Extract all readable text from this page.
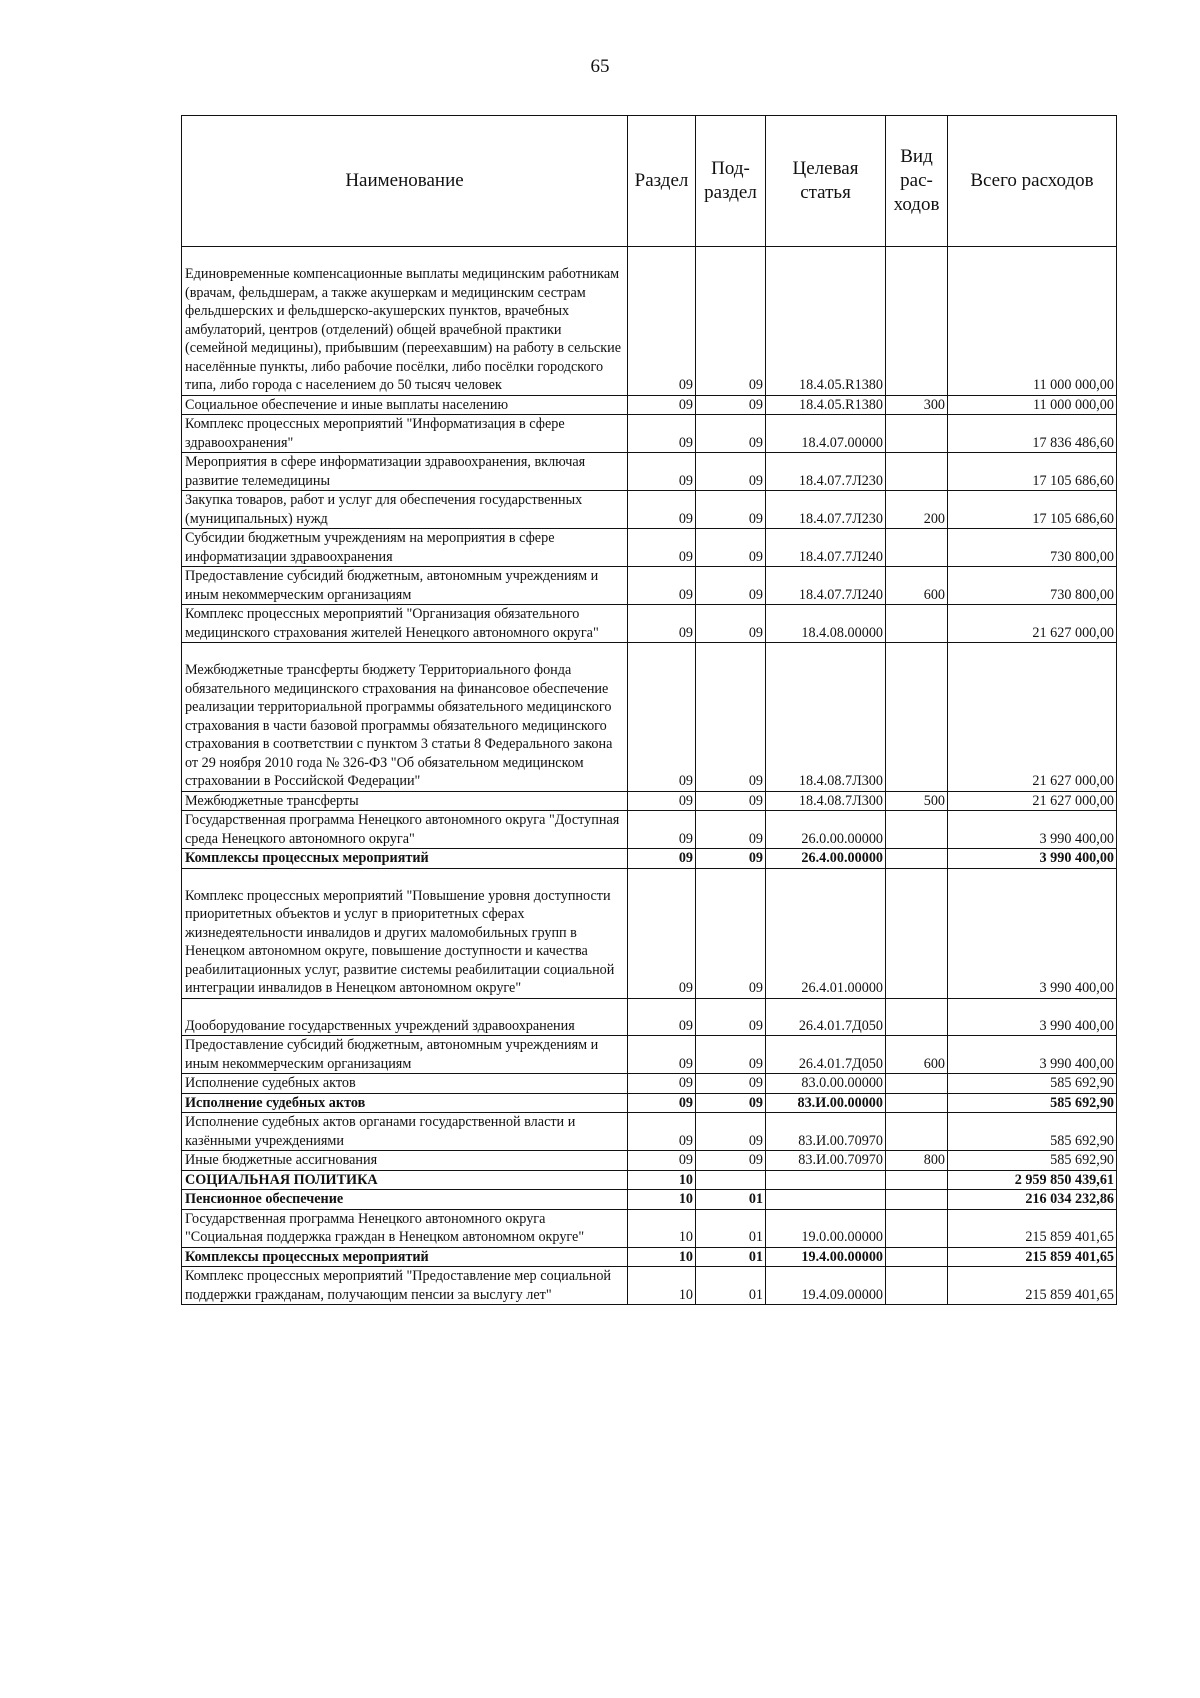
65
Наименование	Раздел	Под-раздел	Целевая статья	Вид рас-ходов	Всего расходов
Единовременные компенсационные выплаты медицинским работникам (врачам, фельдшерам, а также акушеркам и медицинским сестрам фельдшерских и фельдшерско-акушерских пунктов, врачебных амбулаторий, центров (отделений) общей врачебной практики (семейной медицины), прибывшим (переехавшим) на работу в сельские населённые пункты, либо рабочие посёлки, либо посёлки городского типа, либо города с населением до 50 тысяч человек	09	09	18.4.05.R1380		11 000 000,00
Социальное обеспечение и иные выплаты населению	09	09	18.4.05.R1380	300	11 000 000,00
Комплекс процессных мероприятий "Информатизация в сфере здравоохранения"	09	09	18.4.07.00000		17 836 486,60
Мероприятия в сфере информатизации здравоохранения, включая развитие телемедицины	09	09	18.4.07.7Л230		17 105 686,60
Закупка товаров, работ и услуг для обеспечения государственных (муниципальных) нужд	09	09	18.4.07.7Л230	200	17 105 686,60
Субсидии бюджетным учреждениям на мероприятия в сфере информатизации здравоохранения	09	09	18.4.07.7Л240		730 800,00
Предоставление субсидий бюджетным, автономным учреждениям и иным некоммерческим организациям	09	09	18.4.07.7Л240	600	730 800,00
Комплекс процессных мероприятий "Организация обязательного медицинского страхования жителей Ненецкого автономного округа"	09	09	18.4.08.00000		21 627 000,00
Межбюджетные трансферты бюджету Территориального фонда обязательного медицинского страхования на финансовое обеспечение реализации территориальной программы обязательного медицинского страхования в части базовой программы обязательного медицинского страхования в соответствии с пунктом 3 статьи 8 Федерального закона от 29 ноября 2010 года № 326-ФЗ "Об обязательном медицинском страховании в Российской Федерации"	09	09	18.4.08.7Л300		21 627 000,00
Межбюджетные трансферты	09	09	18.4.08.7Л300	500	21 627 000,00
Государственная программа Ненецкого автономного округа "Доступная среда Ненецкого автономного округа"	09	09	26.0.00.00000		3 990 400,00
Комплексы процессных мероприятий	09	09	26.4.00.00000		3 990 400,00
Комплекс процессных мероприятий "Повышение уровня доступности приоритетных объектов и услуг в приоритетных сферах жизнедеятельности инвалидов и других маломобильных групп в Ненецком автономном округе, повышение доступности и качества реабилитационных услуг, развитие системы реабилитации социальной интеграции инвалидов в Ненецком автономном округе"	09	09	26.4.01.00000		3 990 400,00
Дооборудование государственных учреждений здравоохранения	09	09	26.4.01.7Д050		3 990 400,00
Предоставление субсидий бюджетным, автономным учреждениям и иным некоммерческим организациям	09	09	26.4.01.7Д050	600	3 990 400,00
Исполнение судебных актов	09	09	83.0.00.00000		585 692,90
Исполнение судебных актов	09	09	83.И.00.00000		585 692,90
Исполнение судебных актов органами государственной власти и казёнными учреждениями	09	09	83.И.00.70970		585 692,90
Иные бюджетные ассигнования	09	09	83.И.00.70970	800	585 692,90
СОЦИАЛЬНАЯ ПОЛИТИКА	10				2 959 850 439,61
Пенсионное обеспечение	10	01			216 034 232,86
Государственная программа Ненецкого автономного округа "Социальная поддержка граждан в Ненецком автономном округе"	10	01	19.0.00.00000		215 859 401,65
Комплексы процессных мероприятий	10	01	19.4.00.00000		215 859 401,65
Комплекс процессных мероприятий "Предоставление мер социальной поддержки гражданам, получающим пенсии за выслугу лет"	10	01	19.4.09.00000		215 859 401,65
